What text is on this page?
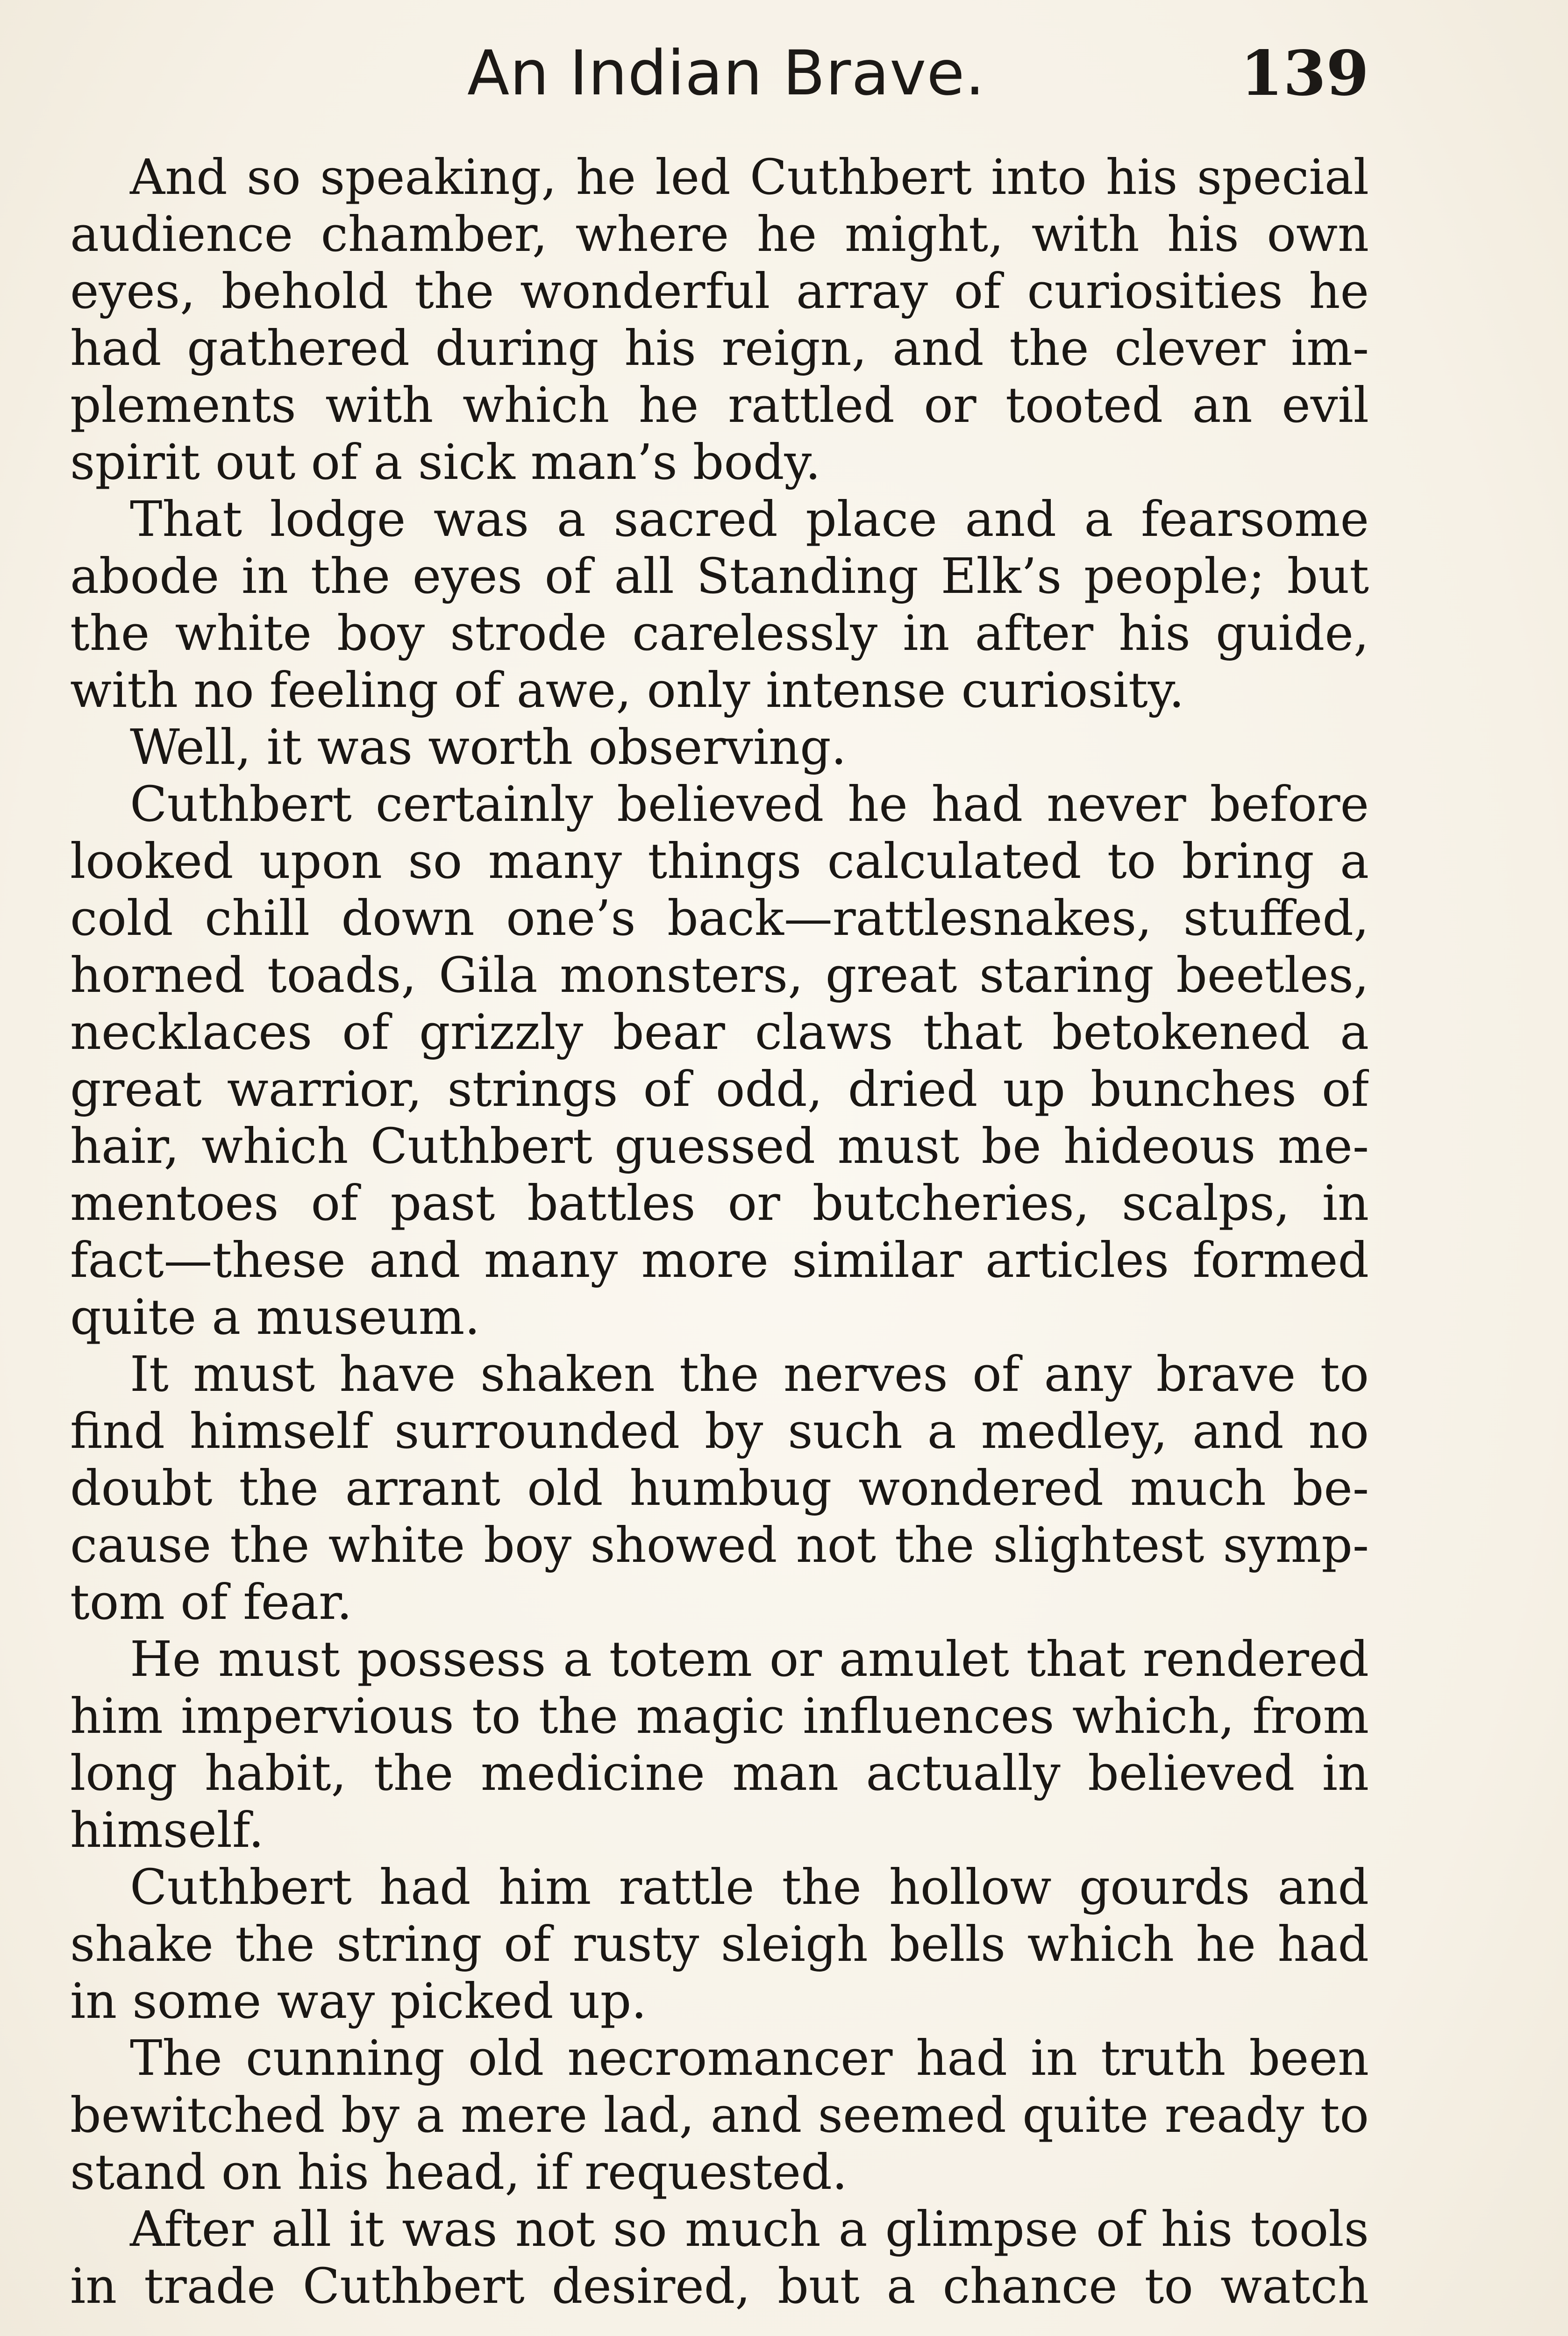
An Indian Brave.	139
And so speaking, he led Cuthbert into his special
audience chamber, where he might, with his own
eyes, behold the wonderful array of curiosities he
had gathered during his reign, and the clever im-
plements with which he rattled or tooted an evil
spirit out of a sick man’s body.
That lodge was a sacred place and a fearsome
abode in the eyes of all Standing Elk’s people; but
the white boy strode carelessly in after his guide,
with no feeling of awe, only intense curiosity.
Well, it was worth observing.
Cuthbert certainly believed he had never before
looked upon so many things calculated to bring a
cold chill down one’s back—rattlesnakes, stuffed,
horned toads, Gila monsters, great staring beetles,
necklaces of grizzly bear claws that betokened a
great warrior, strings of odd, dried up bunches of
hair, which Cuthbert guessed must be hideous me-
mentoes of past battles or butcheries, scalps, in
fact—these and many more similar articles formed
quite a museum.
It must have shaken the nerves of any brave to
find himself surrounded by such a medley, and no
doubt the arrant old humbug wondered much be-
cause the white boy showed not the slightest symp-
tom of fear.
He must possess a totem or amulet that rendered
him impervious to the magic influences which, from
long habit, the medicine man actually believed in
himself.
Cuthbert had him rattle the hollow gourds and
shake the string of rusty sleigh bells which he had
in some way picked up.
The cunning old necromancer had in truth been
bewitched by a mere lad, and seemed quite ready to
stand on his head, if requested.
After all it was not so much a glimpse of his tools
in trade Cuthbert desired, but a chance to watch
